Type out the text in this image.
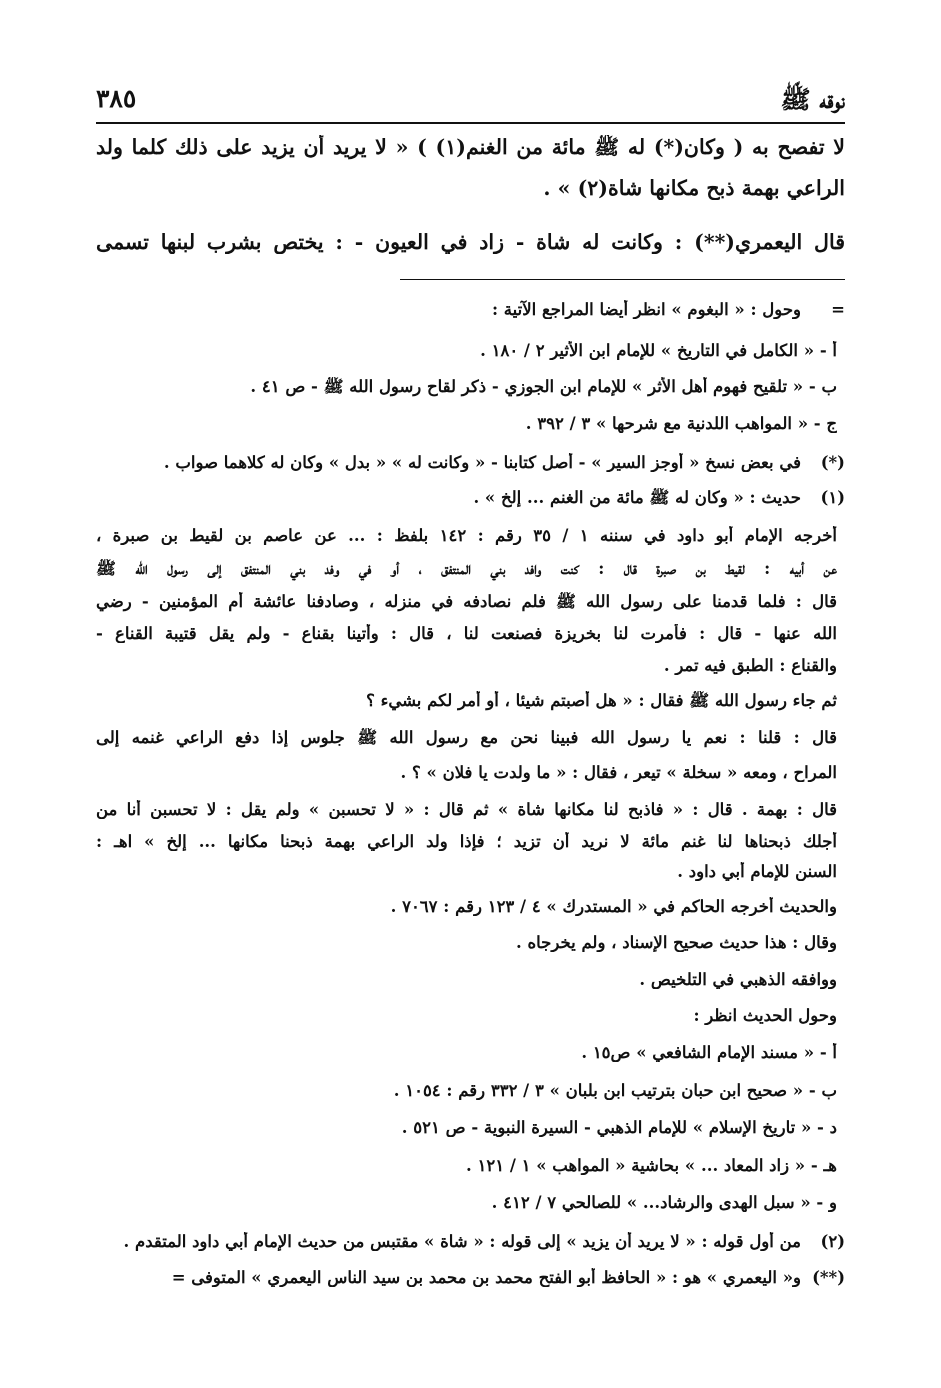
نوقه ﷺ
٣٨٥
لا تفصح به ( وكان(*) له ﷺ مائة من الغنم(١) ) « لا يريد أن يزيد على ذلك كلما ولد
الراعي بهمة ذبح مكانها شاة(٢) » .
قال اليعمري(**) : وكانت له شاة - زاد في العيون - : يختص بشرب لبنها تسمى
=
(*)
(١)
(٢)
(**)
وحول : « البغوم » انظر أيضا المراجع الآتية :
أ - « الكامل في التاريخ » للإمام ابن الأثير ٢ / ١٨٠ .
ب - « تلقيح فهوم أهل الأثر » للإمام ابن الجوزي - ذكر لقاح رسول الله ﷺ - ص ٤١ .
ج - « المواهب اللدنية مع شرحها » ٣ / ٣٩٢ .
في بعض نسخ « أوجز السير » - أصل كتابنا - « وكانت له » « بدل » وكان له كلاهما صواب .
حديث : « وكان له ﷺ مائة من الغنم ... إلخ » .
أخرجه الإمام أبو داود في سننه ١ / ٣٥ رقم : ١٤٢ بلفظ : ... عن عاصم بن لقيط بن صبرة ،
عن أبيه : لقيط بن صبرة قال : كنت وافد بني المنتفق ، أو في وفد بني المنتفق إلى رسول الله ﷺ
قال : فلما قدمنا على رسول الله ﷺ فلم نصادفه في منزله ، وصادفنا عائشة أم المؤمنين - رضي
الله عنها - قال : فأمرت لنا بخريزة فصنعت لنا ، قال : وأتينا بقناع - ولم يقل قتيبة القناع -
والقناع : الطبق فيه تمر .
ثم جاء رسول الله ﷺ فقال : « هل أصبتم شيئا ، أو أمر لكم بشيء ؟
قال : قلنا : نعم يا رسول الله فبينا نحن مع رسول الله ﷺ جلوس إذا دفع الراعي غنمه إلى
المراح ، ومعه « سخلة » تيعر ، فقال : « ما ولدت يا فلان » ؟ .
قال : بهمة . قال : « فاذبح لنا مكانها شاة » ثم قال : « لا تحسبن » ولم يقل : لا تحسبن أنا من
أجلك ذبحناها لنا غنم مائة لا نريد أن تزيد ؛ فإذا ولد الراعي بهمة ذبحنا مكانها ... إلخ » اهـ :
السنن للإمام أبي داود .
والحديث أخرجه الحاكم في « المستدرك » ٤ / ١٢٣ رقم : ٧٠٦٧ .
وقال : هذا حديث صحيح الإسناد ، ولم يخرجاه .
ووافقه الذهبي في التلخيص .
وحول الحديث انظر :
أ - « مسند الإمام الشافعي » ص١٥ .
ب - « صحيح ابن حبان بترتيب ابن بلبان » ٣ / ٣٣٢ رقم : ١٠٥٤ .
د - « تاريخ الإسلام » للإمام الذهبي - السيرة النبوية - ص ٥٢١ .
هـ - « زاد المعاد ... » بحاشية « المواهب » ١ / ١٢١ .
و - « سبل الهدى والرشاد... » للصالحي ٧ / ٤١٢ .
من أول قوله : « لا يريد أن يزيد » إلى قوله : « شاة » مقتبس من حديث الإمام أبي داود المتقدم .
و« اليعمري » هو : « الحافظ أبو الفتح محمد بن محمد بن سيد الناس اليعمري » المتوفى =
